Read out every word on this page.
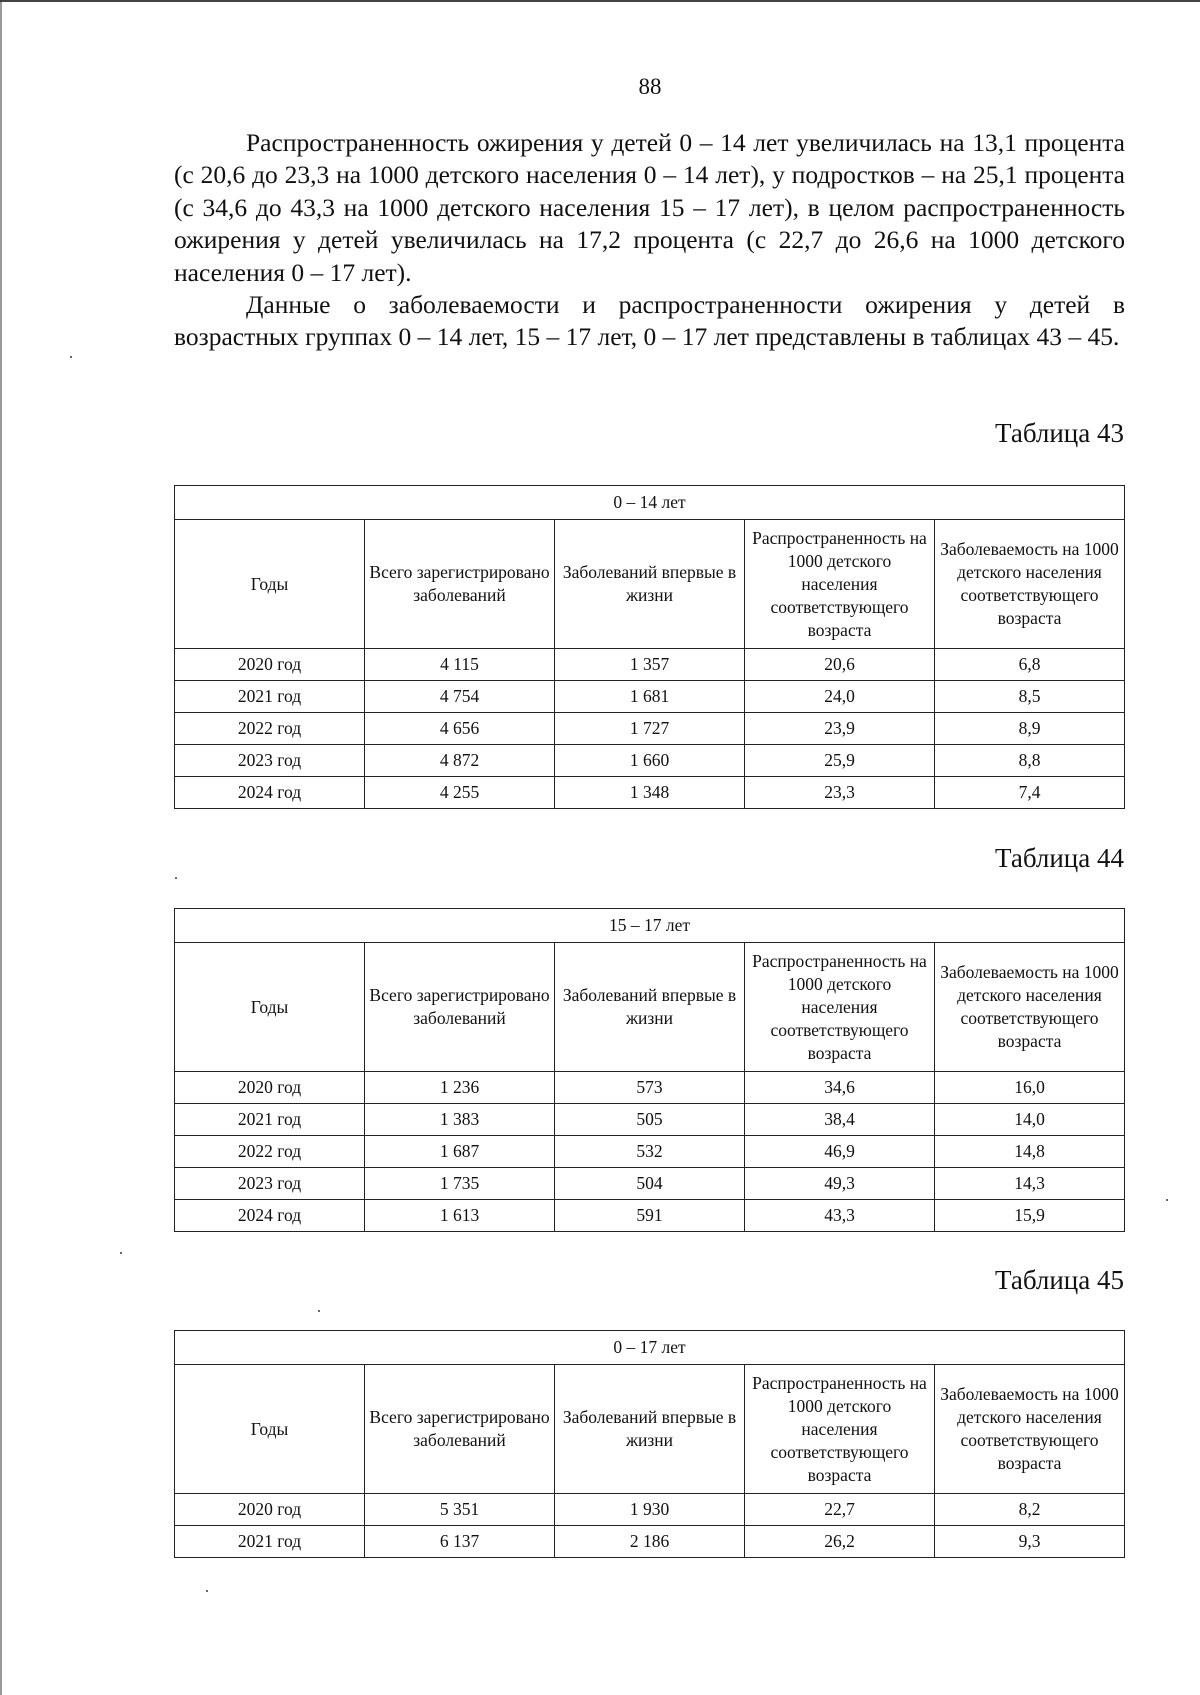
88

Распространенность ожирения у детей 0 – 14 лет увеличилась на 13,1 процента (с 20,6 до 23,3 на 1000 детского населения 0 – 14 лет), у подростков – на 25,1 процента (с 34,6 до 43,3 на 1000 детского населения 15 – 17 лет), в целом распространенность ожирения у детей увеличилась на 17,2 процента (с 22,7 до 26,6 на 1000 детского населения 0 – 17 лет).

Данные о заболеваемости и распространенности ожирения у детей в возрастных группах 0 – 14 лет, 15 – 17 лет, 0 – 17 лет представлены в таблицах 43 – 45.

Таблица 43
0 – 14 лет				
Годы	Всего зарегистрировано заболеваний	Заболеваний впервые в жизни	Распространенность на 1000 детского населения соответствующего возраста	Заболеваемость на 1000 детского населения соответствующего возраста
2020 год	4 115	1 357	20,6	6,8
2021 год	4 754	1 681	24,0	8,5
2022 год	4 656	1 727	23,9	8,9
2023 год	4 872	1 660	25,9	8,8
2024 год	4 255	1 348	23,3	7,4
Таблица 44
15 – 17 лет				
Годы	Всего зарегистрировано заболеваний	Заболеваний впервые в жизни	Распространенность на 1000 детского населения соответствующего возраста	Заболеваемость на 1000 детского населения соответствующего возраста
2020 год	1 236	573	34,6	16,0
2021 год	1 383	505	38,4	14,0
2022 год	1 687	532	46,9	14,8
2023 год	1 735	504	49,3	14,3
2024 год	1 613	591	43,3	15,9
Таблица 45
0 – 17 лет				
Годы	Всего зарегистрировано заболеваний	Заболеваний впервые в жизни	Распространенность на 1000 детского населения соответствующего возраста	Заболеваемость на 1000 детского населения соответствующего возраста
2020 год	5 351	1 930	22,7	8,2
2021 год	6 137	2 186	26,2	9,3
